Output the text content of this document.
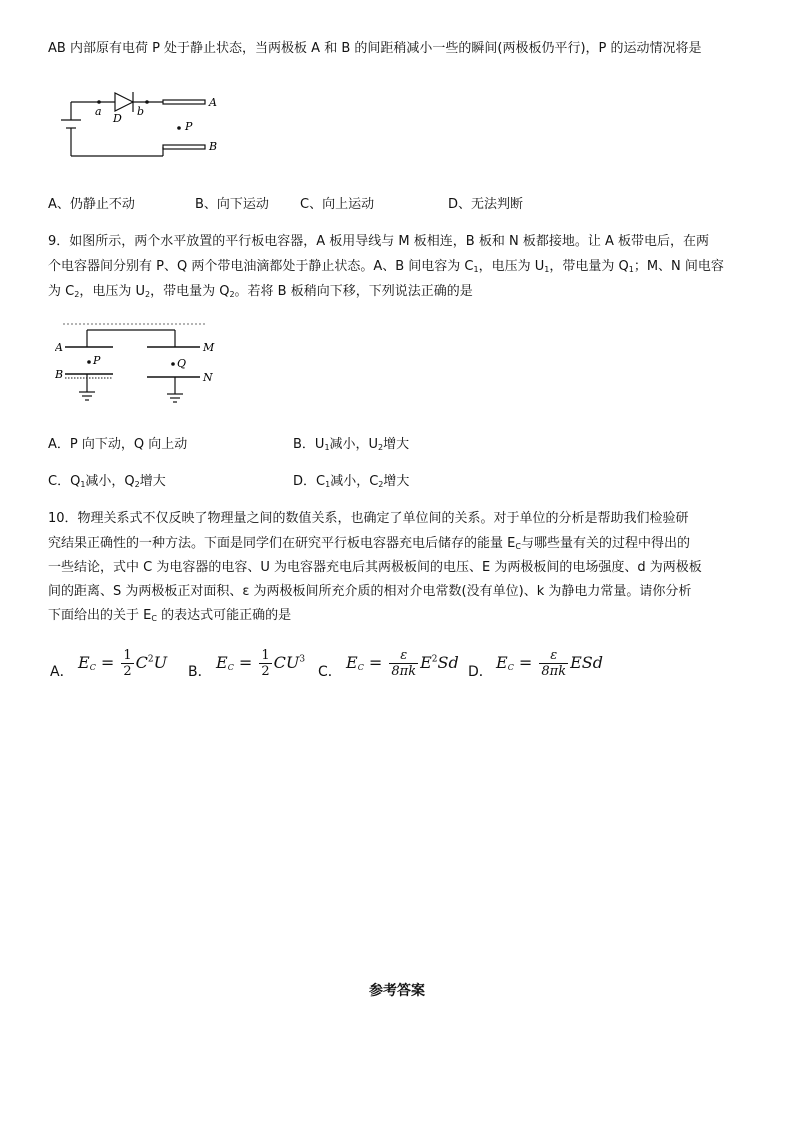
AB 内部原有电荷 P 处于静止状态，当两极板 A 和 B 的间距稍减小一些的瞬间(两极板仍平行)，P 的运动情况将是
a
D
b
A
P
B
A、仍静止不动	B、向下运动 C、向上运动	D、无法判断
9．如图所示，两个水平放置的平行板电容器，A 板用导线与 M 板相连，B 板和 N 板都接地。让 A 板带电后，在两
个电容器间分别有 P、Q 两个带电油滴都处于静止状态。A、B 间电容为 $C_1$，电压为 $U_1$，带电量为 $Q_1$；M、N 间电容
为 $C_2$，电压为 $U_2$，带电量为 $Q_2$。若将 B 板稍向下移，下列说法正确的是
A
P
B
Q
M
N
A．P 向下动，Q 向上动	B．$U_1$减小，$U_2$增大
C．$Q_1$减小，$Q_2$增大	D．$C_1$减小，$C_2$增大
10．物理关系式不仅反映了物理量之间的数值关系，也确定了单位间的关系。对于单位的分析是帮助我们检验研
究结果正确性的一种方法。下面是同学们在研究平行板电容器充电后储存的能量 $E_C$与哪些量有关的过程中得出的
一些结论，式中 C 为电容器的电容、U 为电容器充电后其两极板间的电压、E 为两极板间的电场强度、d 为两极板
间的距离、S 为两极板正对面积、ε 为两极板间所充介质的相对介电常数(没有单位)、k 为静电力常量。请你分析
下面给出的关于 $E_C$ 的表达式可能正确的是
A． $E_C = \frac{1}{2} C^2U$ B． $E_C = \frac{1}{2} CU^3$
C． $E_C = \frac{\varepsilon}{8\pi k} E^2Sd$ D． $E_C = \frac{\varepsilon}{8\pi k}$ ESd
参考答案
